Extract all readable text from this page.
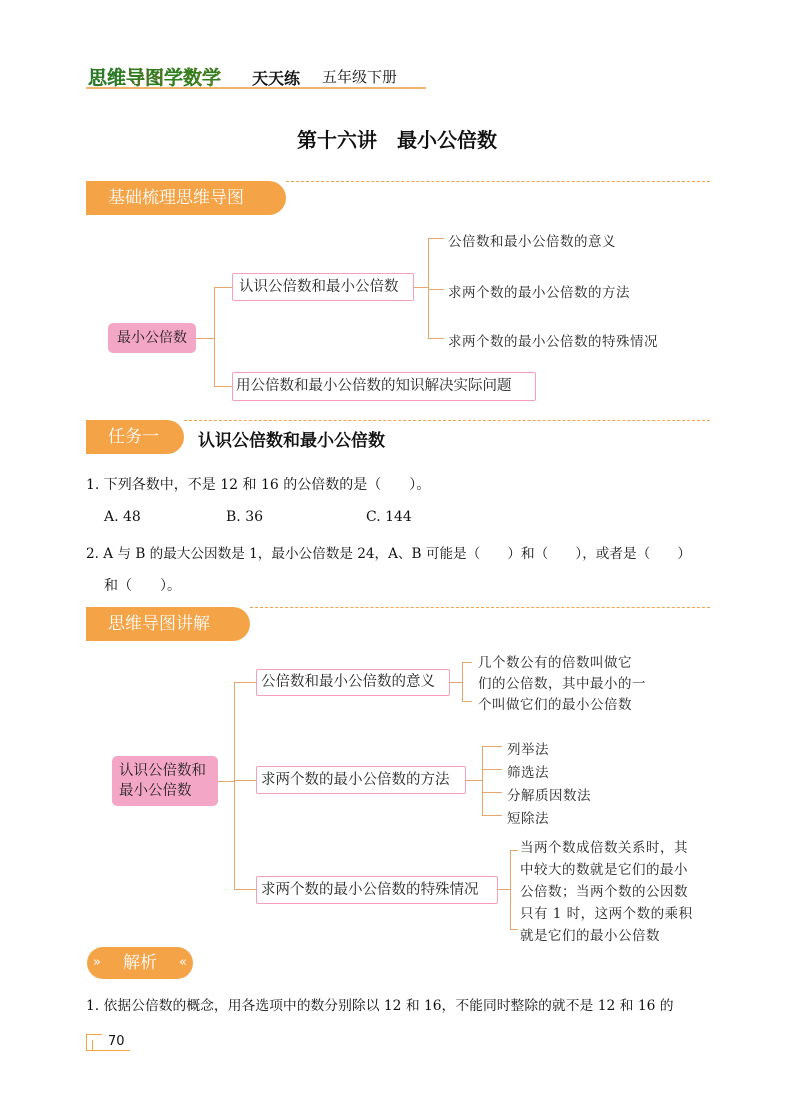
思维导图学数学 天天练 五年级下册
第十六讲　最小公倍数
基础梳理思维导图
最小公倍数
认识公倍数和最小公倍数
用公倍数和最小公倍数的知识解决实际问题
公倍数和最小公倍数的意义
求两个数的最小公倍数的方法
求两个数的最小公倍数的特殊情况
任务一	认识公倍数和最小公倍数
1. 下列各数中，不是 12 和 16 的公倍数的是（　　）。
A. 48	B. 36	C. 144
2. A 与 B 的最大公因数是 1，最小公倍数是 24，A、B 可能是（　　）和（　　），或者是（　　）
和（　　）。
思维导图讲解
认识公倍数和
最小公倍数
公倍数和最小公倍数的意义
求两个数的最小公倍数的方法
求两个数的最小公倍数的特殊情况
几个数公有的倍数叫做它
们的公倍数，其中最小的一
个叫做它们的最小公倍数
列举法
筛选法
分解质因数法
短除法
当两个数成倍数关系时，其
中较大的数就是它们的最小
公倍数；当两个数的公因数
只有 1 时，这两个数的乘积
就是它们的最小公倍数
» 解析 «
1. 依据公倍数的概念，用各选项中的数分别除以 12 和 16，不能同时整除的就不是 12 和 16 的
70
